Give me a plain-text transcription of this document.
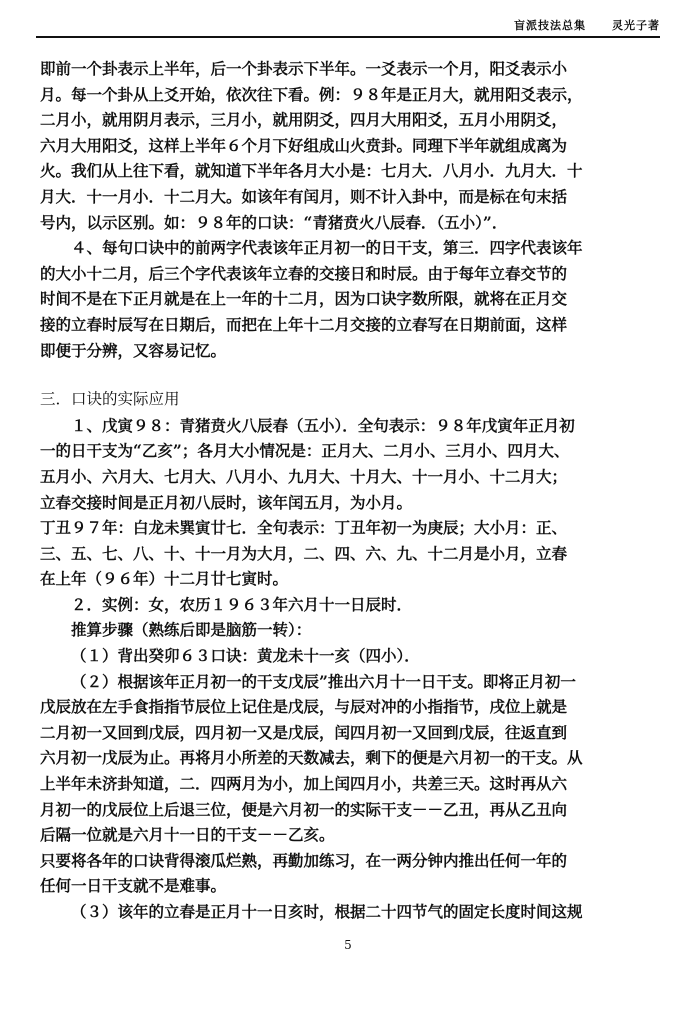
盲派技法总集 灵光子著
即前一个卦表示上半年，后一个卦表示下半年。一爻表示一个月，阳爻表示小
月。每一个卦从上爻开始，依次往下看。例：９８年是正月大，就用阳爻表示，
二月小，就用阴月表示，三月小，就用阴爻，四月大用阳爻，五月小用阴爻，
六月大用阳爻，这样上半年６个月下好组成山火贲卦。同理下半年就组成离为
火。我们从上往下看，就知道下半年各月大小是：七月大．八月小．九月大．十
月大．十一月小．十二月大。如该年有闰月，则不计入卦中，而是标在句末括
号内，以示区别。如：９８年的口诀：“青猪贲火八辰春．（五小）”．
４、每句口诀中的前两字代表该年正月初一的日干支，第三．四字代表该年
的大小十二月，后三个字代表该年立春的交接日和时辰。由于每年立春交节的
时间不是在下正月就是在上一年的十二月，因为口诀字数所限，就将在正月交
接的立春时辰写在日期后，而把在上年十二月交接的立春写在日期前面，这样
即便于分辨，又容易记忆。
三．口诀的实际应用
１、戊寅９８：青猪贲火八辰春（五小）．全句表示：９８年戊寅年正月初
一的日干支为“乙亥”；各月大小情况是：正月大、二月小、三月小、四月大、
五月小、六月大、七月大、八月小、九月大、十月大、十一月小、十二月大；
立春交接时间是正月初八辰时，该年闰五月，为小月。
丁丑９７年：白龙未巽寅廿七．全句表示：丁丑年初一为庚辰；大小月：正、
三、五、七、八、十、十一月为大月，二、四、六、九、十二月是小月，立春
在上年（９６年）十二月廿七寅时。
２．实例：女，农历１９６３年六月十一日辰时．
推算步骤（熟练后即是脑筋一转）：
（１）背出癸卯６３口诀：黄龙未十一亥（四小）．
（２）根据该年正月初一的干支戊辰”推出六月十一日干支。即将正月初一
戊辰放在左手食指指节辰位上记住是戊辰，与辰对冲的小指指节，戌位上就是
二月初一又回到戊辰，四月初一又是戊辰，闰四月初一又回到戊辰，往返直到
六月初一戊辰为止。再将月小所差的天数减去，剩下的便是六月初一的干支。从
上半年未济卦知道，二．四两月为小，加上闰四月小，共差三天。这时再从六
月初一的戊辰位上后退三位，便是六月初一的实际干支－－乙丑，再从乙丑向
后隔一位就是六月十一日的干支－－乙亥。
只要将各年的口诀背得滚瓜烂熟，再勤加练习，在一两分钟内推出任何一年的
任何一日干支就不是难事。
（３）该年的立春是正月十一日亥时，根据二十四节气的固定长度时间这规
5
